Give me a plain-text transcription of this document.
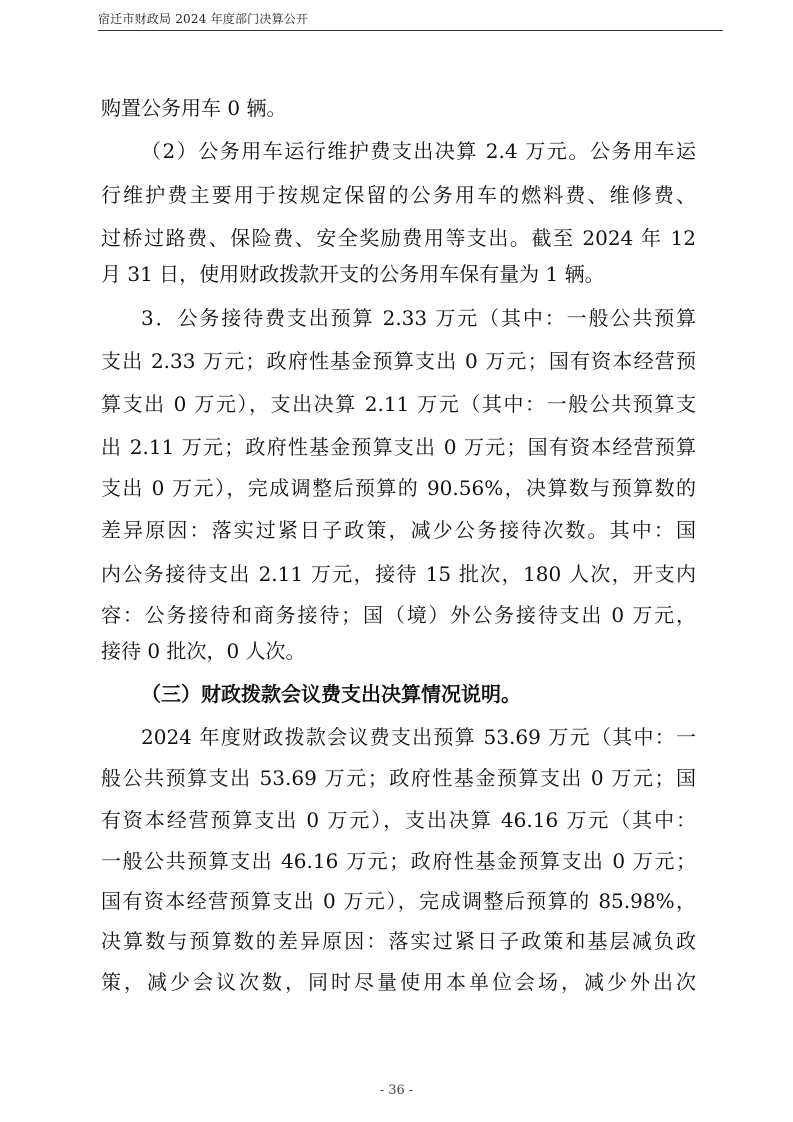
宿迁市财政局 2024 年度部门决算公开
购置公务用车 0 辆。
（2）公务用车运行维护费支出决算 2.4 万元。公务用车运
行维护费主要用于按规定保留的公务用车的燃料费、维修费、
过桥过路费、保险费、安全奖励费用等支出。截至 2024 年 12
月 31 日，使用财政拨款开支的公务用车保有量为 1 辆。
3．公务接待费支出预算 2.33 万元（其中：一般公共预算
支出 2.33 万元；政府性基金预算支出 0 万元；国有资本经营预
算支出 0 万元），支出决算 2.11 万元（其中：一般公共预算支
出 2.11 万元；政府性基金预算支出 0 万元；国有资本经营预算
支出 0 万元），完成调整后预算的 90.56%，决算数与预算数的
差异原因：落实过紧日子政策，减少公务接待次数。其中：国
内公务接待支出 2.11 万元，接待 15 批次，180 人次，开支内
容：公务接待和商务接待；国（境）外公务接待支出 0 万元，
接待 0 批次，0 人次。
（三）财政拨款会议费支出决算情况说明。
2024 年度财政拨款会议费支出预算 53.69 万元（其中：一
般公共预算支出 53.69 万元；政府性基金预算支出 0 万元；国
有资本经营预算支出 0 万元），支出决算 46.16 万元（其中：
一般公共预算支出 46.16 万元；政府性基金预算支出 0 万元；
国有资本经营预算支出 0 万元），完成调整后预算的 85.98%，
决算数与预算数的差异原因：落实过紧日子政策和基层减负政
策，减少会议次数，同时尽量使用本单位会场，减少外出次
- 36 -
